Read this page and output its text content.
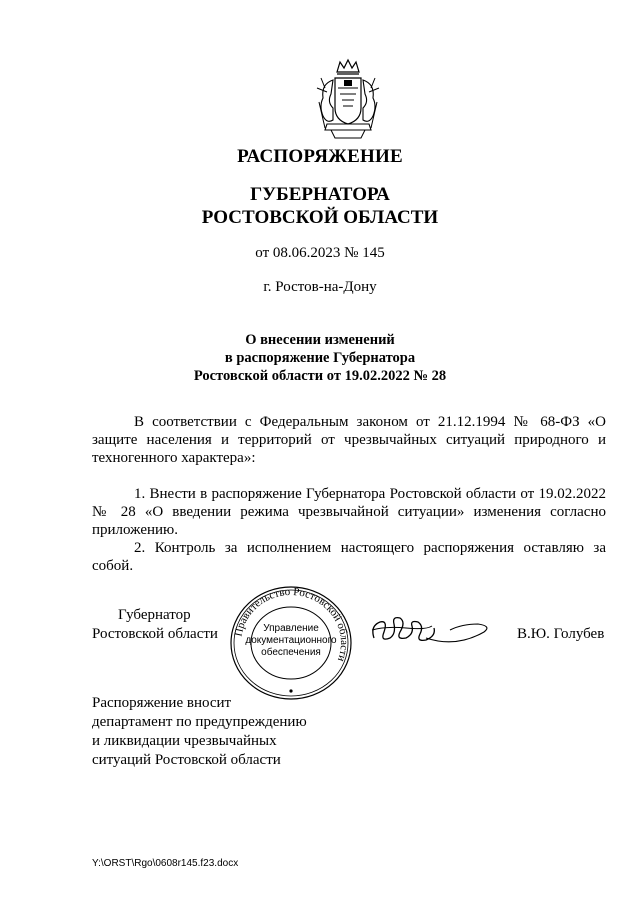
РАСПОРЯЖЕНИЕ
ГУБЕРНАТОРА
РОСТОВСКОЙ ОБЛАСТИ
от 08.06.2023 № 145
г. Ростов-на-Дону
О внесении изменений
в распоряжение Губернатора
Ростовской области от 19.02.2022 № 28
В соответствии с Федеральным законом от 21.12.1994 № 68-ФЗ «О защите населения и территорий от чрезвычайных ситуаций природного и техногенного характера»:
1. Внести в распоряжение Губернатора Ростовской области от 19.02.2022 № 28 «О введении режима чрезвычайной ситуации» изменения согласно приложению.
2. Контроль за исполнением настоящего распоряжения оставляю за собой.
Губернатор
Ростовской области Правительство Ростовской области
Управление
документационного
обеспечения
В.Ю. Голубев
Распоряжение вносит
департамент по предупреждению
и ликвидации чрезвычайных
ситуаций Ростовской области
Y:\ORST\Rgo\0608r145.f23.docx
